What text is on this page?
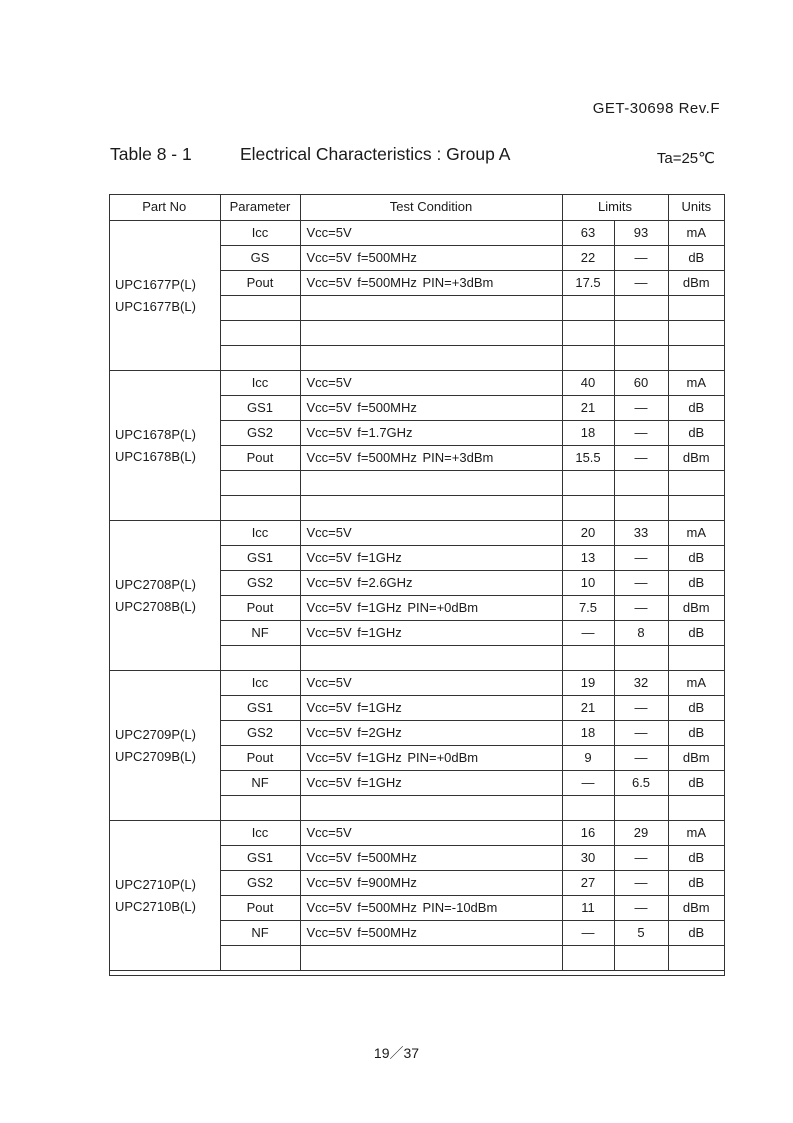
GET-30698 Rev.F
Table 8 - 1	Electrical Characteristics : Group A	Ta=25℃
Part No	Parameter	Test Condition	Limits		Units

UPC1677P(L)
UPC1677B(L)	Icc	Vcc=5V	63	93	mA
	GS	Vcc=5V f=500MHz	22	—	dB
	Pout	Vcc=5V f=500MHz PIN=+3dBm	17.5	—	dBm

UPC1678P(L)
UPC1678B(L)	Icc	Vcc=5V	40	60	mA
	GS1	Vcc=5V f=500MHz	21	—	dB
	GS2	Vcc=5V f=1.7GHz	18	—	dB
	Pout	Vcc=5V f=500MHz PIN=+3dBm	15.5	—	dBm

UPC2708P(L)
UPC2708B(L)	Icc	Vcc=5V	20	33	mA
	GS1	Vcc=5V f=1GHz	13	—	dB
	GS2	Vcc=5V f=2.6GHz	10	—	dB
	Pout	Vcc=5V f=1GHz PIN=+0dBm	7.5	—	dBm
	NF	Vcc=5V f=1GHz	—	8	dB

UPC2709P(L)
UPC2709B(L)	Icc	Vcc=5V	19	32	mA
	GS1	Vcc=5V f=1GHz	21	—	dB
	GS2	Vcc=5V f=2GHz	18	—	dB
	Pout	Vcc=5V f=1GHz PIN=+0dBm	9	—	dBm
	NF	Vcc=5V f=1GHz	—	6.5	dB

UPC2710P(L)
UPC2710B(L)	Icc	Vcc=5V	16	29	mA
	GS1	Vcc=5V f=500MHz	30	—	dB
	GS2	Vcc=5V f=900MHz	27	—	dB
	Pout	Vcc=5V f=500MHz PIN=-10dBm	11	—	dBm
	NF	Vcc=5V f=500MHz	—	5	dB

19／37
